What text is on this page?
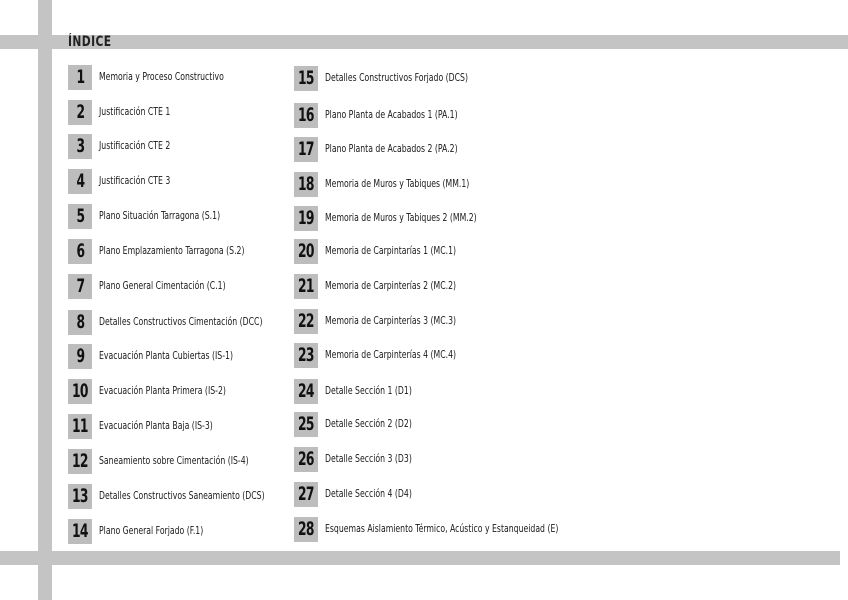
ÍNDICE
1 Memoria y Proceso Constructivo
2 Justificación CTE 1
3 Justificación CTE 2
4 Justificación CTE 3
5 Plano Situación Tarragona (S.1)
6 Plano Emplazamiento Tarragona (S.2)
7 Plano General Cimentación (C.1)
8 Detalles Constructivos Cimentación (DCC)
9 Evacuación Planta Cubiertas (IS-1)
10 Evacuación Planta Primera (IS-2)
11 Evacuación Planta Baja (IS-3)
12 Saneamiento sobre Cimentación (IS-4)
13 Detalles Constructivos Saneamiento (DCS)
14 Plano General Forjado (F.1)
15 Detalles Constructivos Forjado (DCS)
16 Plano Planta de Acabados 1 (PA.1)
17 Plano Planta de Acabados 2 (PA.2)
18 Memoria de Muros y Tabiques (MM.1)
19 Memoria de Muros y Tabiques 2 (MM.2)
20 Memoria de Carpintarías 1 (MC.1)
21 Memoria de Carpinterías 2 (MC.2)
22 Memoria de Carpinterías 3 (MC.3)
23 Memoria de Carpinterías 4 (MC.4)
24 Detalle Sección 1 (D1)
25 Detalle Sección 2 (D2)
26 Detalle Sección 3 (D3)
27 Detalle Sección 4 (D4)
28 Esquemas Aislamiento Térmico, Acústico y Estanqueidad (E)
